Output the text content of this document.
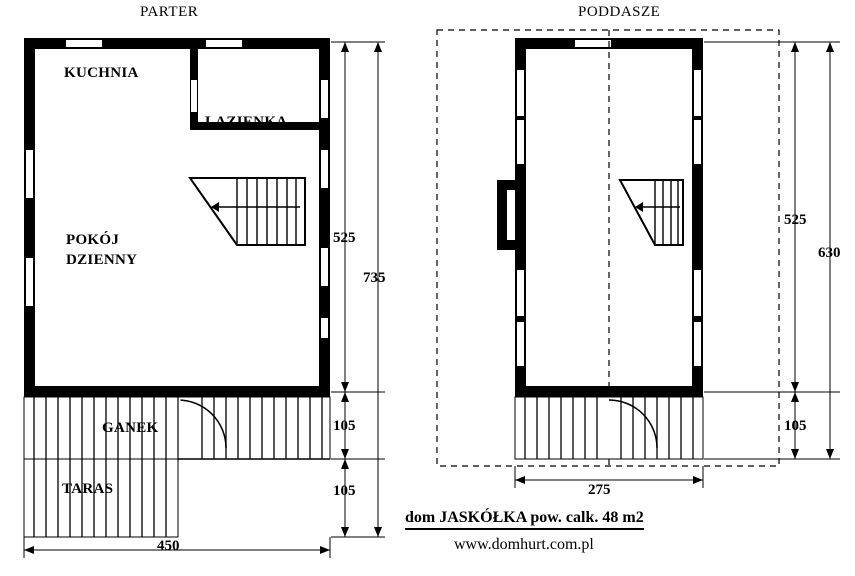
PARTER	PODDASZE
KUCHNIA
LAZIENKA
POKÓJ
DZIENNY
GANEK
TARAS
525
735
105
105
450
525
630
105
275
dom JASKÓŁKA pow. calk. 48 m2
www.domhurt.com.pl
